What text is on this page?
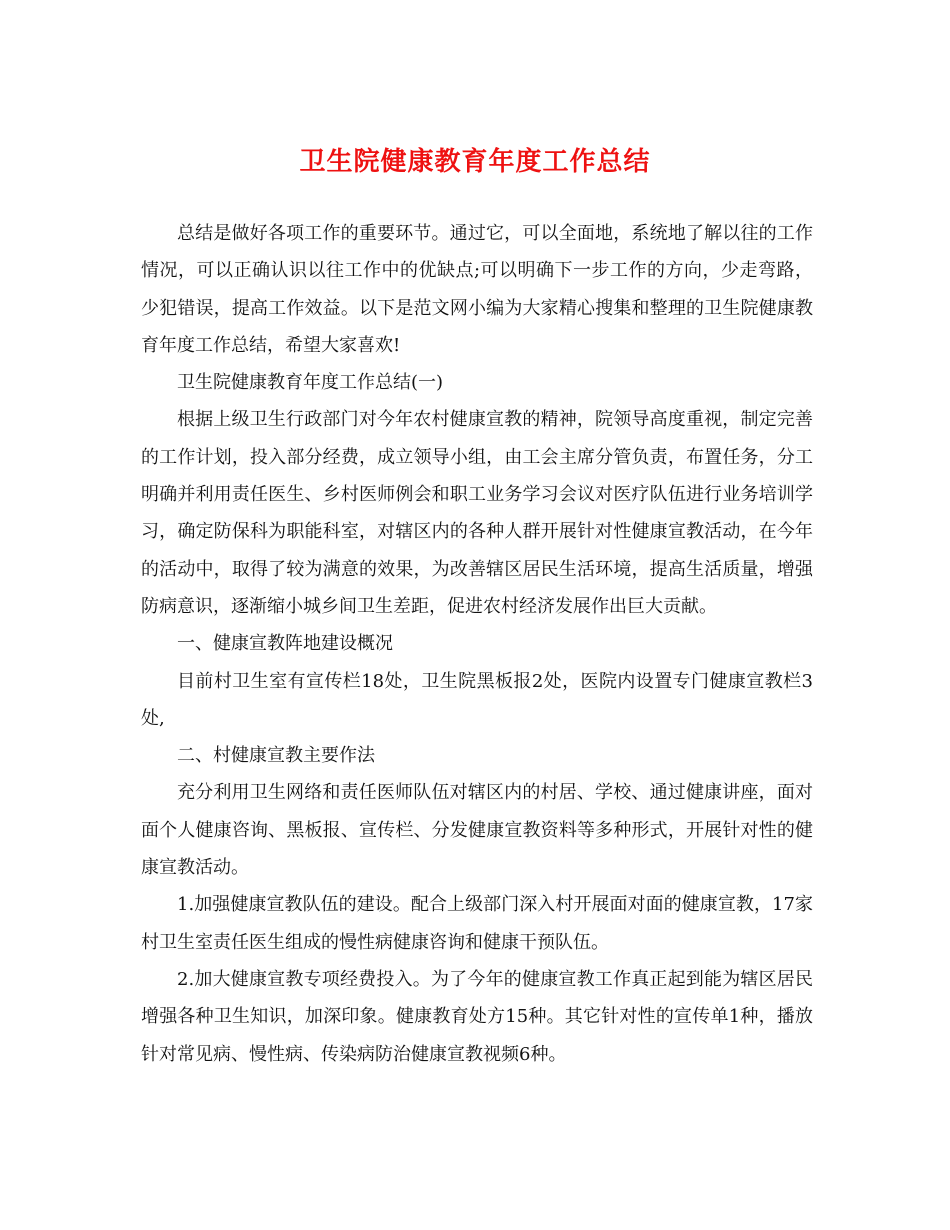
卫生院健康教育年度工作总结

总结是做好各项工作的重要环节。通过它，可以全面地，系统地了解以往的工作情况，可以正确认识以往工作中的优缺点;可以明确下一步工作的方向，少走弯路，少犯错误，提高工作效益。以下是范文网小编为大家精心搜集和整理的卫生院健康教育年度工作总结，希望大家喜欢!

卫生院健康教育年度工作总结(一)

根据上级卫生行政部门对今年农村健康宣教的精神，院领导高度重视，制定完善的工作计划，投入部分经费，成立领导小组，由工会主席分管负责，布置任务，分工明确并利用责任医生、乡村医师例会和职工业务学习会议对医疗队伍进行业务培训学习，确定防保科为职能科室，对辖区内的各种人群开展针对性健康宣教活动，在今年的活动中，取得了较为满意的效果，为改善辖区居民生活环境，提高生活质量，增强防病意识，逐渐缩小城乡间卫生差距，促进农村经济发展作出巨大贡献。

一、健康宣教阵地建设概况

目前村卫生室有宣传栏18处，卫生院黑板报2处，医院内设置专门健康宣教栏3处,

二、村健康宣教主要作法

充分利用卫生网络和责任医师队伍对辖区内的村居、学校、通过健康讲座，面对面个人健康咨询、黑板报、宣传栏、分发健康宣教资料等多种形式，开展针对性的健康宣教活动。

1.加强健康宣教队伍的建设。配合上级部门深入村开展面对面的健康宣教，17家村卫生室责任医生组成的慢性病健康咨询和健康干预队伍。

2.加大健康宣教专项经费投入。为了今年的健康宣教工作真正起到能为辖区居民增强各种卫生知识，加深印象。健康教育处方15种。其它针对性的宣传单1种，播放针对常见病、慢性病、传染病防治健康宣教视频6种。
